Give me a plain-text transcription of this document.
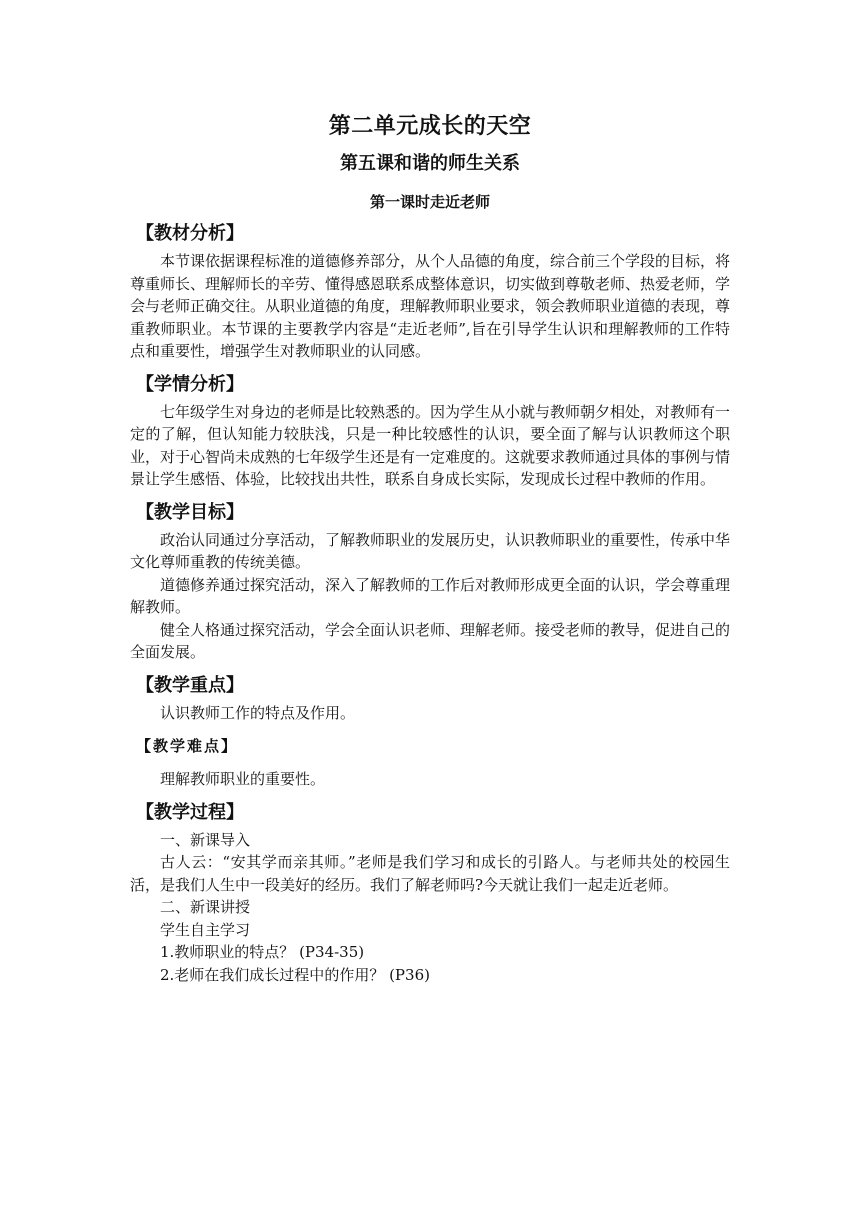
第二单元成长的天空
第五课和谐的师生关系
第一课时走近老师
【教材分析】

本节课依据课程标准的道德修养部分，从个人品德的角度，综合前三个学段的目标，将尊重师长、理解师长的辛劳、懂得感恩联系成整体意识，切实做到尊敬老师、热爱老师，学会与老师正确交往。从职业道德的角度，理解教师职业要求，领会教师职业道德的表现，尊重教师职业。本节课的主要教学内容是“走近老师”,旨在引导学生认识和理解教师的工作特点和重要性，增强学生对教师职业的认同感。

【学情分析】

七年级学生对身边的老师是比较熟悉的。因为学生从小就与教师朝夕相处，对教师有一定的了解，但认知能力较肤浅，只是一种比较感性的认识，要全面了解与认识教师这个职业，对于心智尚未成熟的七年级学生还是有一定难度的。这就要求教师通过具体的事例与情景让学生感悟、体验，比较找出共性，联系自身成长实际，发现成长过程中教师的作用。

【教学目标】

政治认同通过分享活动，了解教师职业的发展历史，认识教师职业的重要性，传承中华文化尊师重教的传统美德。

道德修养通过探究活动，深入了解教师的工作后对教师形成更全面的认识，学会尊重理解教师。

健全人格通过探究活动，学会全面认识老师、理解老师。接受老师的教导，促进自己的全面发展。

【教学重点】

认识教师工作的特点及作用。

【教学难点】

理解教师职业的重要性。

【教学过程】

一、新课导入

古人云：“安其学而亲其师。”老师是我们学习和成长的引路人。与老师共处的校园生活，是我们人生中一段美好的经历。我们了解老师吗?今天就让我们一起走近老师。

二、新课讲授

学生自主学习

1.教师职业的特点？ (P34-35)

2.老师在我们成长过程中的作用？ (P36)
